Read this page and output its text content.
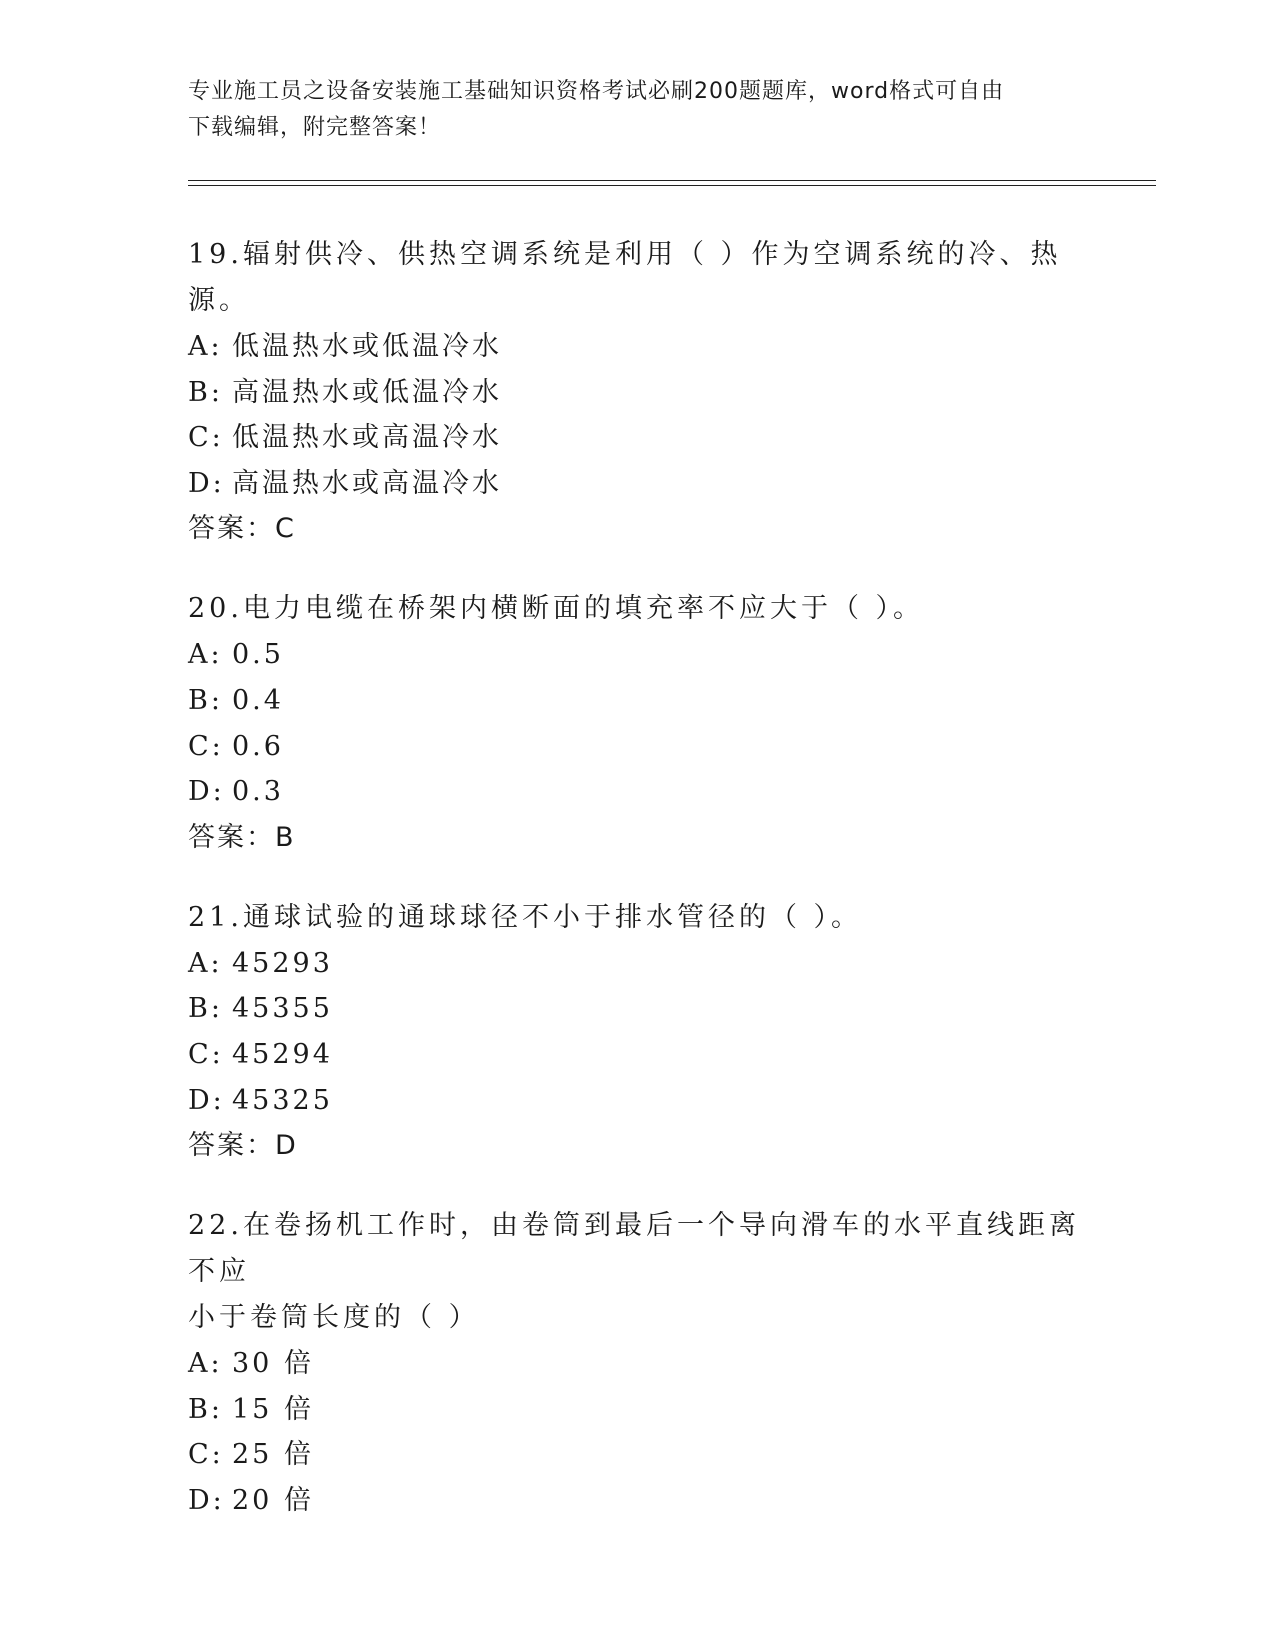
专业施工员之设备安装施工基础知识资格考试必刷200题题库，word格式可自由
下载编辑，附完整答案！
19.辐射供冷、供热空调系统是利用（ ）作为空调系统的冷、热源。
A: 低温热水或低温冷水
B: 高温热水或低温冷水
C: 低温热水或高温冷水
D: 高温热水或高温冷水
答案：C
20.电力电缆在桥架内横断面的填充率不应大于（ ）。
A: 0.5
B: 0.4
C: 0.6
D: 0.3
答案：B
21.通球试验的通球球径不小于排水管径的（ ）。
A: 45293
B: 45355
C: 45294
D: 45325
答案：D
22.在卷扬机工作时，由卷筒到最后一个导向滑车的水平直线距离不应
小于卷筒长度的（ ）
A: 30 倍
B: 15 倍
C: 25 倍
D: 20 倍
